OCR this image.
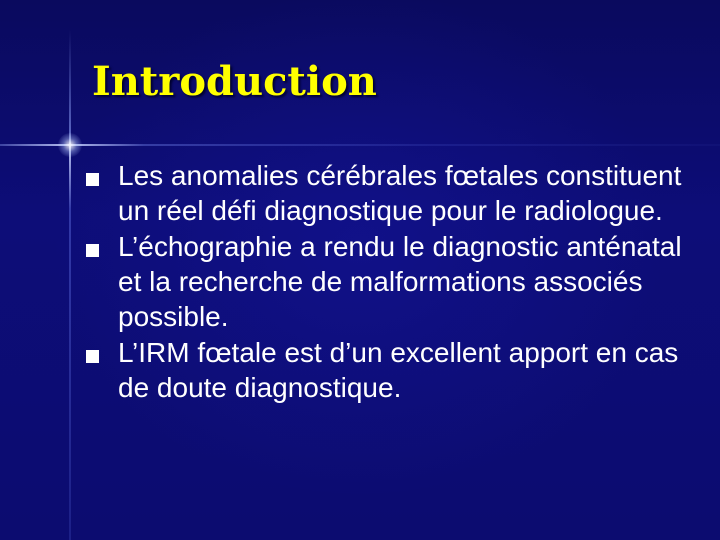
Introduction
Les anomalies cérébrales fœtales constituent un réel défi diagnostique pour le radiologue.
L’échographie a rendu le diagnostic anténatal et la recherche de malformations associés possible.
L’IRM fœtale est d’un excellent apport en cas de doute diagnostique.
